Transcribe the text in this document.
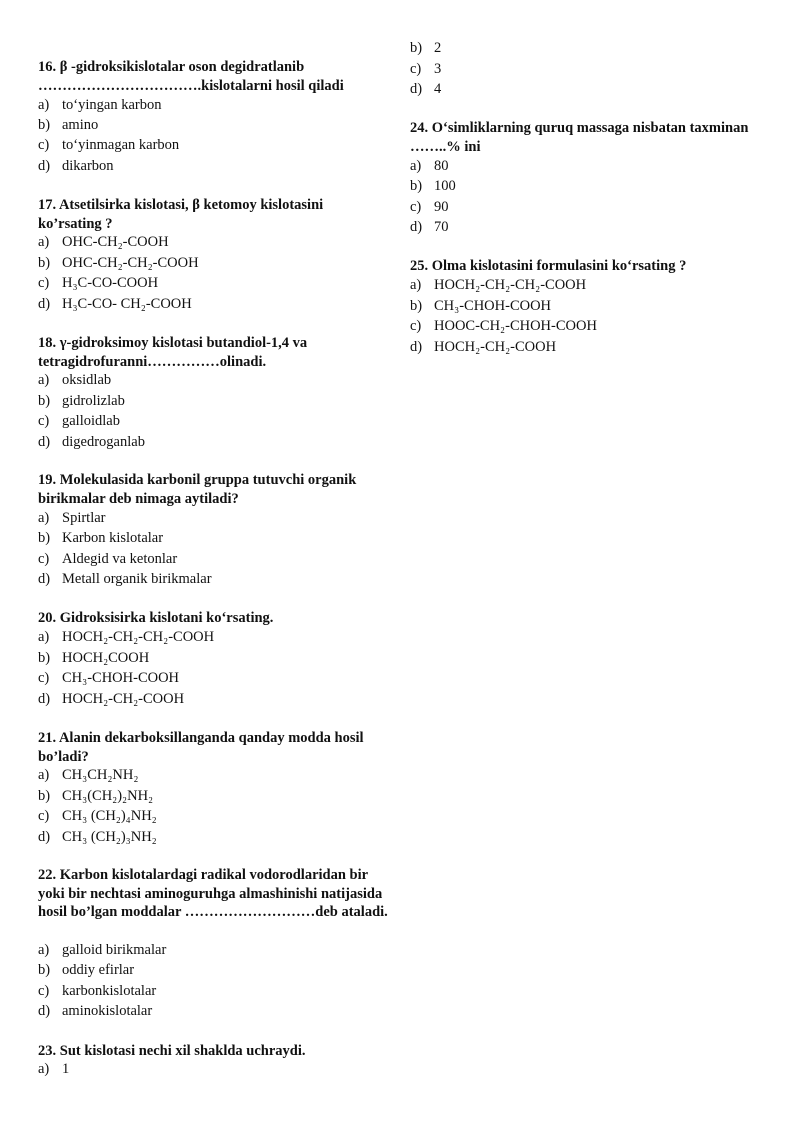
16. β -gidroksikislotalar oson degidratlanib …………………………….kislotalarni hosil qiladi
a) to‘yingan karbon
b) amino
c) to‘yinmagan karbon
d) dikarbon
17. Atsetilsirka kislotasi, β ketomoy kislotasini ko’rsating ?
a) OHC-CH₂-COOH
b) OHC-CH₂-CH₂-COOH
c) H₃C-CO-COOH
d) H₃C-CO- CH₂-COOH
18. γ-gidroksimoy kislotasi butandiol-1,4 va tetragidrofuranni……………olinadi.
a) oksidlab
b) gidrolizlab
c) galloidlab
d) digedroganlab
19. Molekulasida karbonil gruppa tutuvchi organik birikmalar deb nimaga aytiladi?
a) Spirtlar
b) Karbon kislotalar
c) Aldegid va ketonlar
d) Metall organik birikmalar
20. Gidroksisirka kislotani ko‘rsating.
a) HOCH₂-CH₂-CH₂-COOH
b) HOCH₂COOH
c) CH₃-CHOH-COOH
d) HOCH₂-CH₂-COOH
21. Alanin dekarboksillanganda qanday modda hosil bo’ladi?
a) CH₃CH₂NH₂
b) CH₃(CH₂)₂NH₂
c) CH₃ (CH₂)₄NH₂
d) CH₃ (CH₂)₃NH₂
22. Karbon kislotalardagi radikal vodorodlaridan bir yoki bir nechtasi aminoguruhga almashinishi natijasida hosil bo’lgan moddalar ………………………deb ataladi.
a) galloid birikmalar
b) oddiy efirlar
c) karbonkislotalar
d) aminokislotalar
23. Sut kislotasi nechi xil shaklda uchraydi.
a) 1
b) 2
c) 3
d) 4
24. O‘simliklarning quruq massaga nisbatan taxminan ……..% ini
a) 80
b) 100
c) 90
d) 70
25. Olma kislotasini formulasini ko‘rsating ?
a) HOCH₂-CH₂-CH₂-COOH
b) CH₃-CHOH-COOH
c) HOOC-CH₂-CHOH-COOH
d) HOCH₂-CH₂-COOH
